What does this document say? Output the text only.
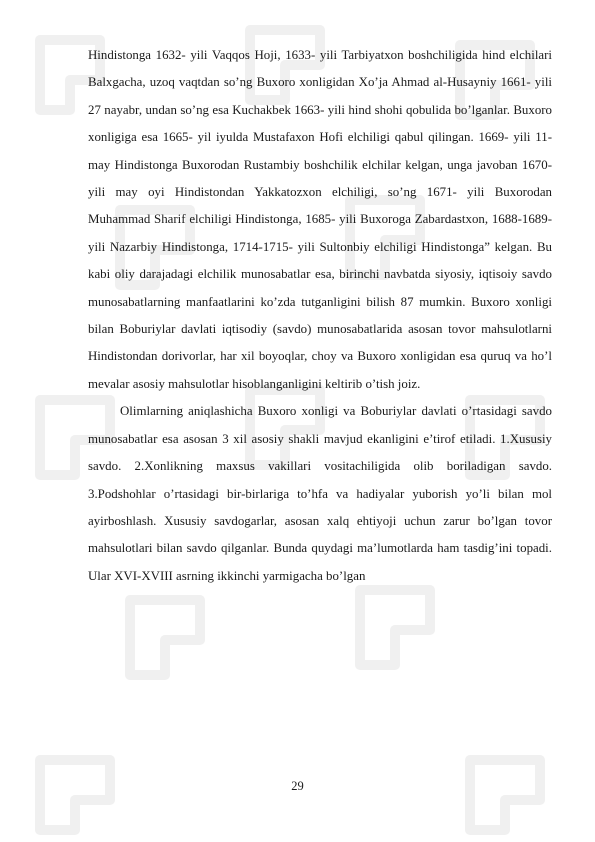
Hindistonga 1632- yili Vaqqos Hoji, 1633- yili Tarbiyatxon boshchiligida hind elchilari Balxgacha, uzoq vaqtdan so’ng Buxoro xonligidan Xo’ja Ahmad al-Husayniy 1661- yili 27 nayabr, undan so’ng esa Kuchakbek 1663- yili hind shohi qobulida bo’lganlar. Buxoro xonligiga esa 1665- yil iyulda Mustafaxon Hofi elchiligi qabul qilingan. 1669- yili 11- may Hindistonga Buxorodan Rustambiy boshchilik elchilar kelgan, unga javoban 1670- yili may oyi Hindistondan Yakkatozxon elchiligi, so’ng 1671- yili Buxorodan Muhammad Sharif elchiligi Hindistonga, 1685- yili Buxoroga Zabardastxon, 1688-1689- yili Nazarbiy Hindistonga, 1714-1715- yili Sultonbiy elchiligi Hindistonga” kelgan. Bu kabi oliy darajadagi elchilik munosabatlar esa, birinchi navbatda siyosiy, iqtisoiy savdo munosabatlarning manfaatlarini ko’zda tutganligini bilish 87 mumkin. Buxoro xonligi bilan Boburiylar davlati iqtisodiy (savdo) munosabatlarida asosan tovor mahsulotlarni Hindistondan dorivorlar, har xil boyoqlar, choy va Buxoro xonligidan esa quruq va ho’l mevalar asosiy mahsulotlar hisoblanganligini keltirib o’tish joiz.

Olimlarning aniqlashicha Buxoro xonligi va Boburiylar davlati o’rtasidagi savdo munosabatlar esa asosan 3 xil asosiy shakli mavjud ekanligini e’tirof etiladi. 1.Xususiy savdo. 2.Xonlikning maxsus vakillari vositachiligida olib boriladigan savdo. 3.Podshohlar o’rtasidagi bir-birlariga to’hfa va hadiyalar yuborish yo’li bilan mol ayirboshlash. Xususiy savdogarlar, asosan xalq ehtiyoji uchun zarur bo’lgan tovor mahsulotlari bilan savdo qilganlar. Bunda quydagi ma’lumotlarda ham tasdig’ini topadi. Ular XVI-XVIII asrning ikkinchi yarmigacha bo’lgan

29
